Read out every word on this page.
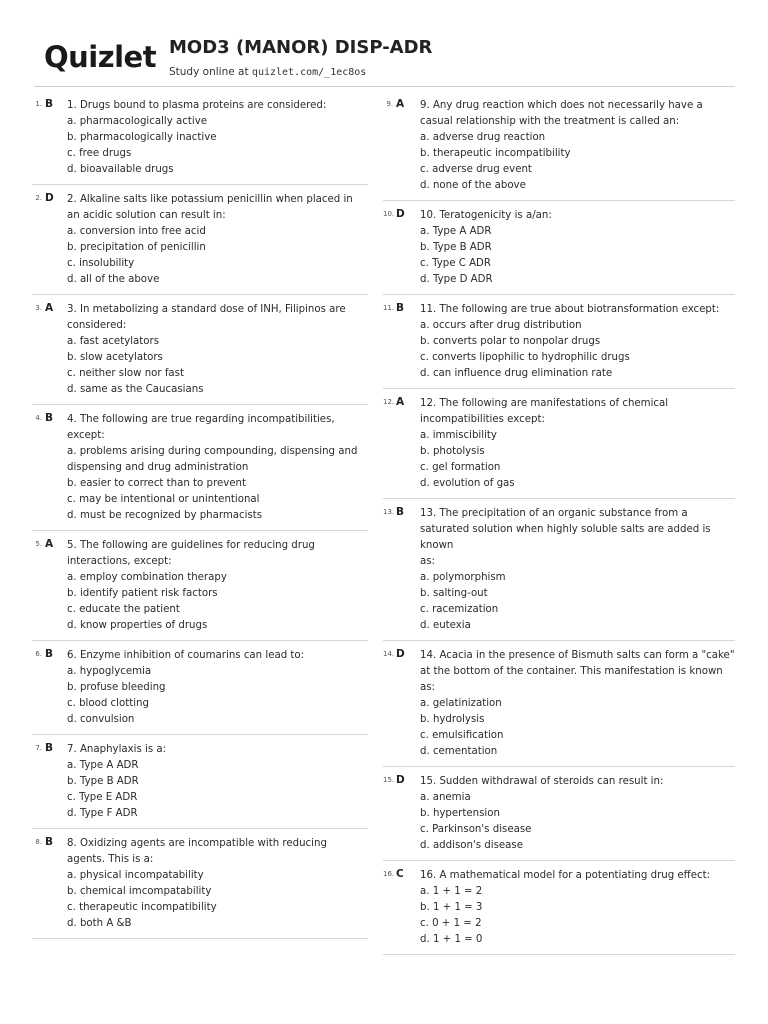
Quizlet MOD3 (MANOR) DISP-ADR
Study online at quizlet.com/_1ec8os
1. B 1. Drugs bound to plasma proteins are considered:
a. pharmacologically active
b. pharmacologically inactive
c. free drugs
d. bioavailable drugs
2. D 2. Alkaline salts like potassium penicillin when placed in an acidic solution can result in:
a. conversion into free acid
b. precipitation of penicillin
c. insolubility
d. all of the above
3. A 3. In metabolizing a standard dose of INH, Filipinos are considered:
a. fast acetylators
b. slow acetylators
c. neither slow nor fast
d. same as the Caucasians
4. B 4. The following are true regarding incompatibilities, except:
a. problems arising during compounding, dispensing and dispensing and drug administration
b. easier to correct than to prevent
c. may be intentional or unintentional
d. must be recognized by pharmacists
5. A 5. The following are guidelines for reducing drug interactions, except:
a. employ combination therapy
b. identify patient risk factors
c. educate the patient
d. know properties of drugs
6. B 6. Enzyme inhibition of coumarins can lead to:
a. hypoglycemia
b. profuse bleeding
c. blood clotting
d. convulsion
7. B 7. Anaphylaxis is a:
a. Type A ADR
b. Type B ADR
c. Type E ADR
d. Type F ADR
8. B 8. Oxidizing agents are incompatible with reducing agents. This is a:
a. physical incompatability
b. chemical imcompatability
c. therapeutic incompatibility
d. both A &B
9. A 9. Any drug reaction which does not necessarily have a casual relationship with the treatment is called an:
a. adverse drug reaction
b. therapeutic incompatibility
c. adverse drug event
d. none of the above
10. D 10. Teratogenicity is a/an:
a. Type A ADR
b. Type B ADR
c. Type C ADR
d. Type D ADR
11. B 11. The following are true about biotransformation except:
a. occurs after drug distribution
b. converts polar to nonpolar drugs
c. converts lipophilic to hydrophilic drugs
d. can influence drug elimination rate
12. A 12. The following are manifestations of chemical incompatibilities except:
a. immiscibility
b. photolysis
c. gel formation
d. evolution of gas
13. B 13. The precipitation of an organic substance from a saturated solution when highly soluble salts are added is known
as:
a. polymorphism
b. salting-out
c. racemization
d. eutexia
14. D 14. Acacia in the presence of Bismuth salts can form a "cake" at the bottom of the container. This manifestation is known as:
a. gelatinization
b. hydrolysis
c. emulsification
d. cementation
15. D 15. Sudden withdrawal of steroids can result in:
a. anemia
b. hypertension
c. Parkinson's disease
d. addison's disease
16. C 16. A mathematical model for a potentiating drug effect:
a. 1 + 1 = 2
b. 1 + 1 = 3
c. 0 + 1 = 2
d. 1 + 1 = 0
